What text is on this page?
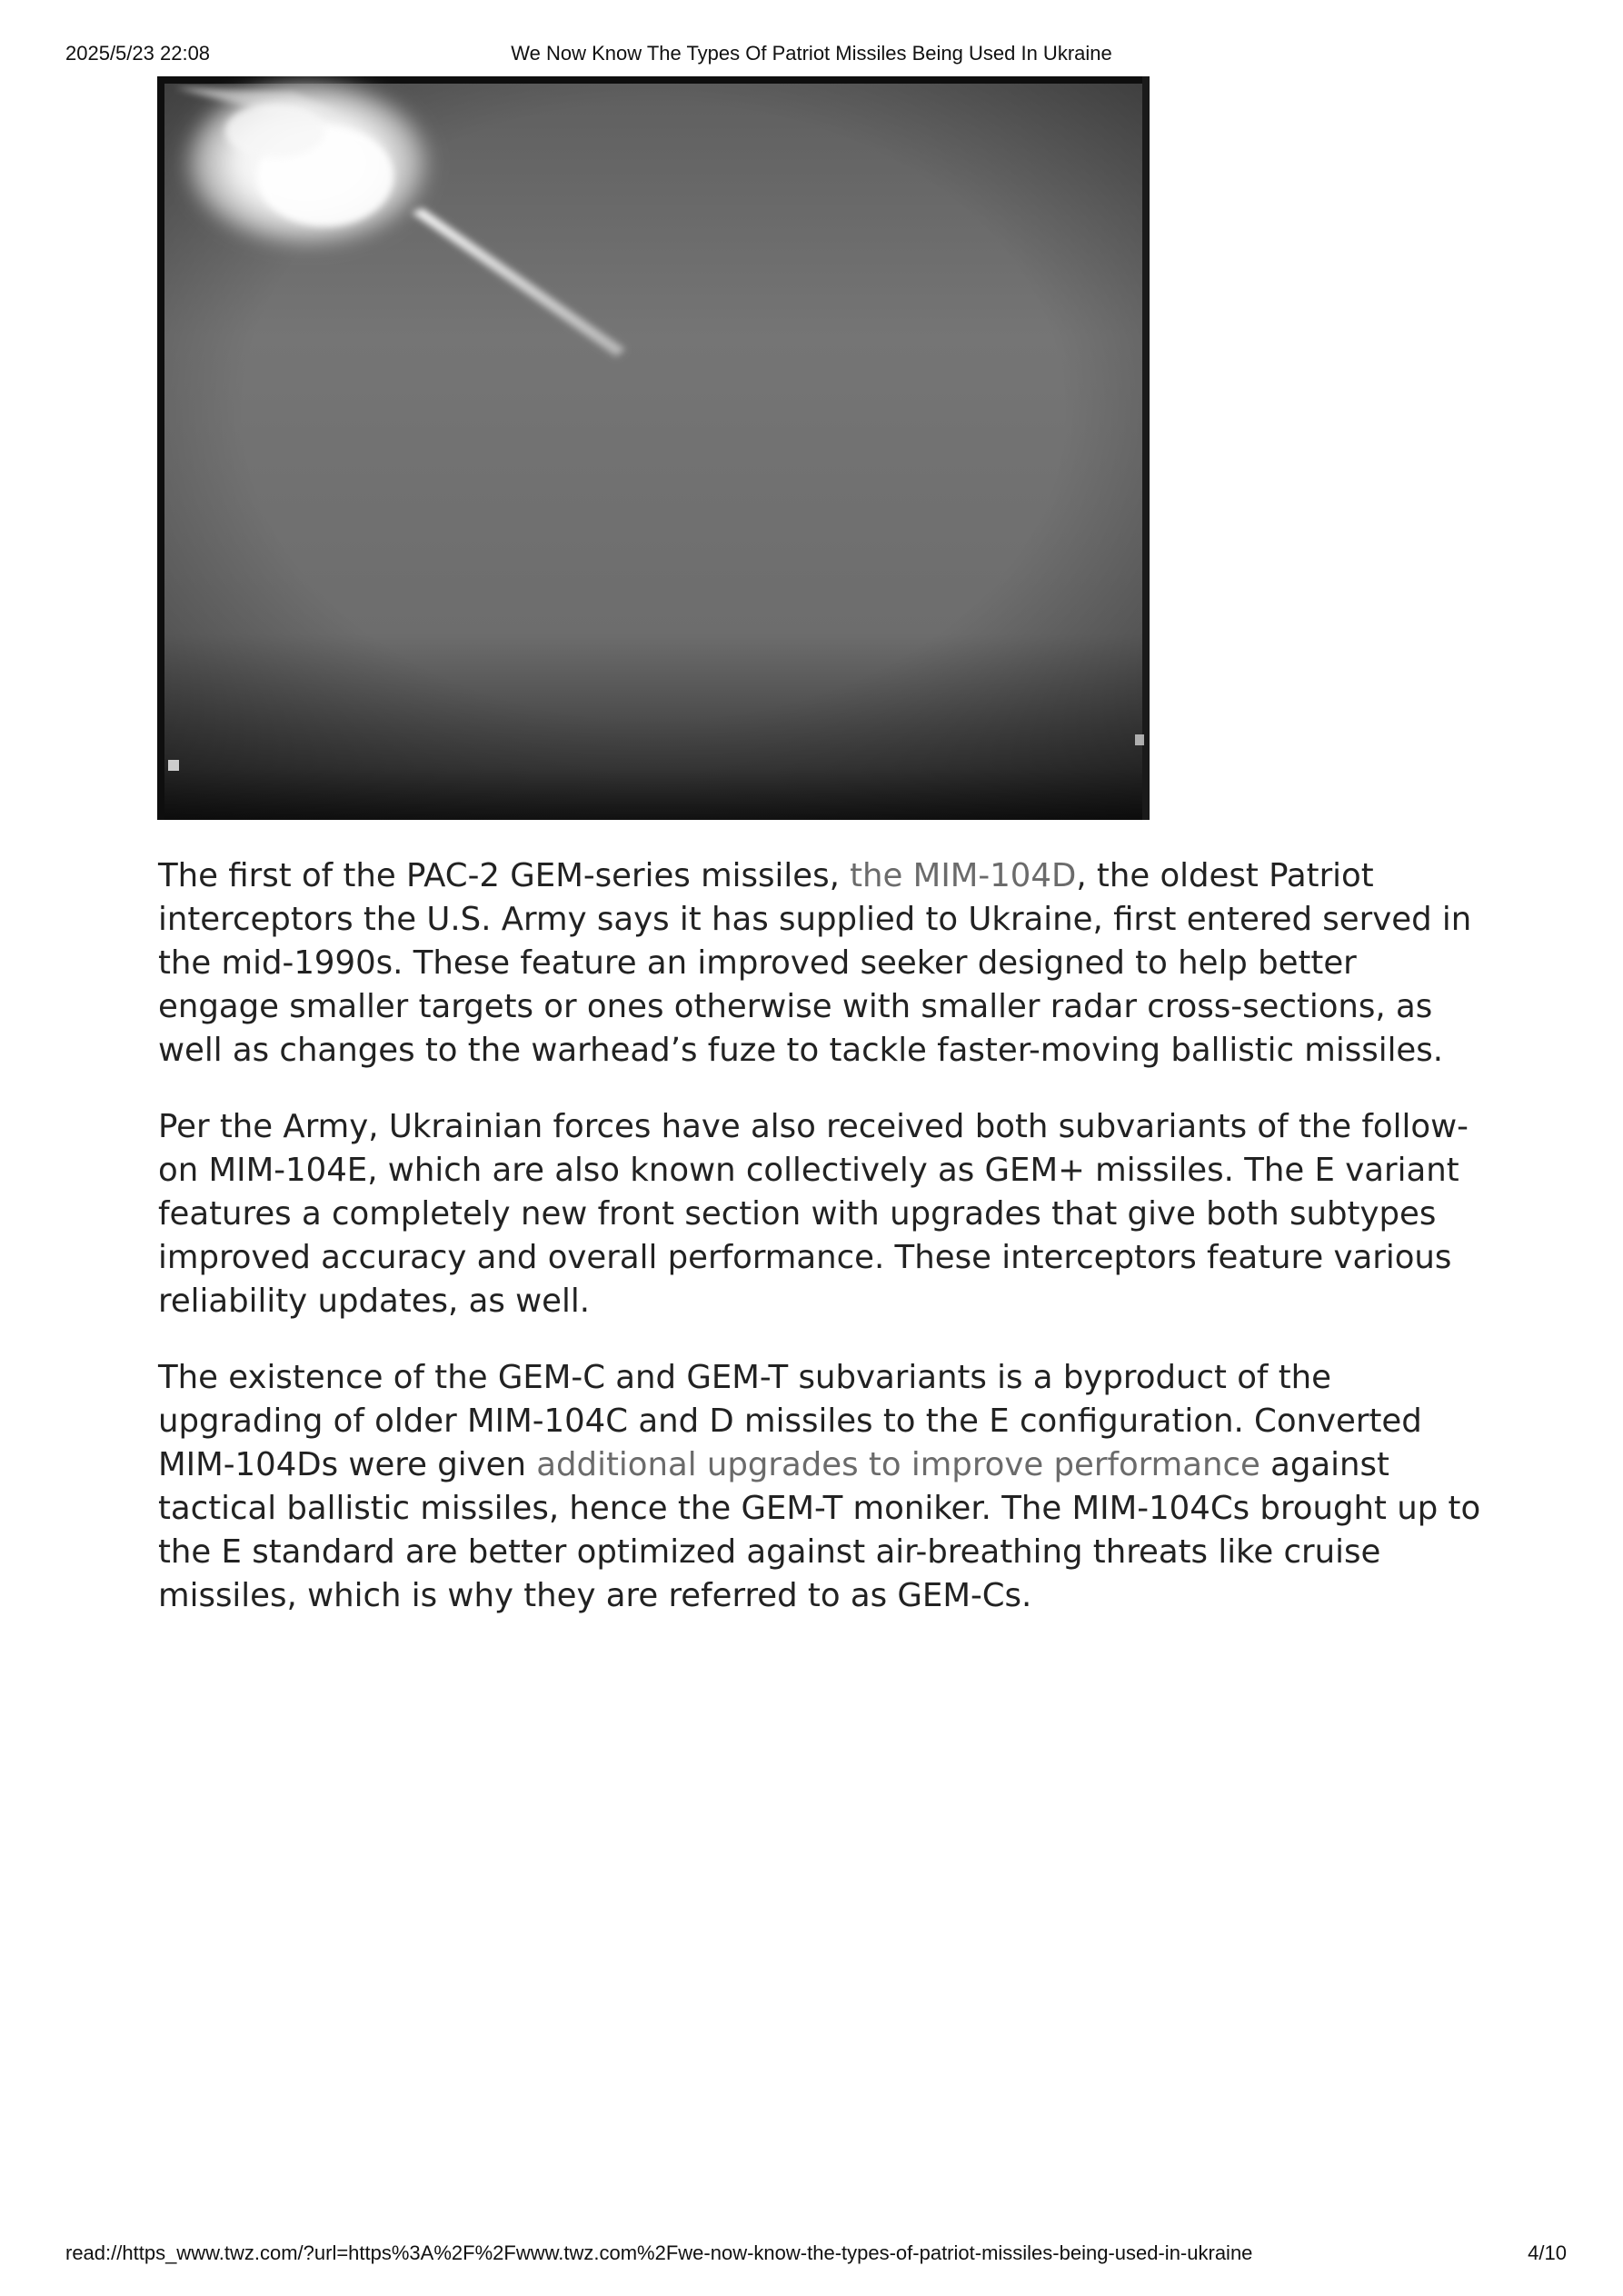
2025/5/23 22:08	We Now Know The Types Of Patriot Missiles Being Used In Ukraine

The first of the PAC-2 GEM-series missiles, the MIM-104D, the oldest Patriot interceptors the U.S. Army says it has supplied to Ukraine, first entered served in the mid-1990s. These feature an improved seeker designed to help better engage smaller targets or ones otherwise with smaller radar cross-sections, as well as changes to the warhead’s fuze to tackle faster-moving ballistic missiles.

Per the Army, Ukrainian forces have also received both subvariants of the follow-on MIM-104E, which are also known collectively as GEM+ missiles. The E variant features a completely new front section with upgrades that give both subtypes improved accuracy and overall performance. These interceptors feature various reliability updates, as well.

The existence of the GEM-C and GEM-T subvariants is a byproduct of the upgrading of older MIM-104C and D missiles to the E configuration. Converted MIM-104Ds were given additional upgrades to improve performance against tactical ballistic missiles, hence the GEM-T moniker. The MIM-104Cs brought up to the E standard are better optimized against air-breathing threats like cruise missiles, which is why they are referred to as GEM-Cs.

read://https_www.twz.com/?url=https%3A%2F%2Fwww.twz.com%2Fwe-now-know-the-types-of-patriot-missiles-being-used-in-ukraine	4/10
